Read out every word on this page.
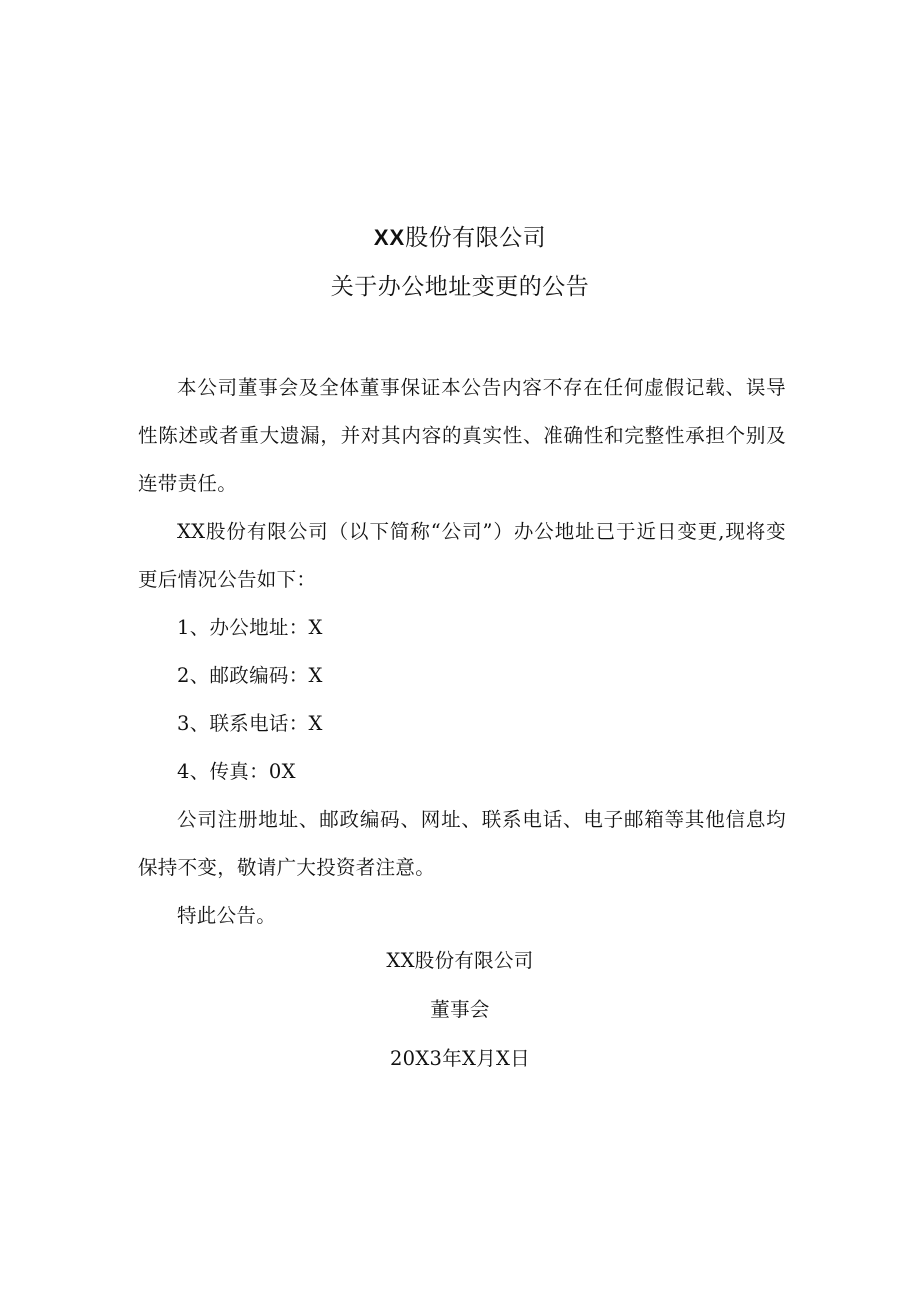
XX股份有限公司
关于办公地址变更的公告

本公司董事会及全体董事保证本公告内容不存在任何虚假记载、误导性陈述或者重大遗漏，并对其内容的真实性、准确性和完整性承担个别及连带责任。

XX股份有限公司（以下简称“公司”）办公地址已于近日变更,现将变更后情况公告如下：

1、办公地址：X

2、邮政编码：X

3、联系电话：X

4、传真：0X

公司注册地址、邮政编码、网址、联系电话、电子邮箱等其他信息均保持不变，敬请广大投资者注意。

特此公告。

XX股份有限公司
董事会
20X3年X月X日
